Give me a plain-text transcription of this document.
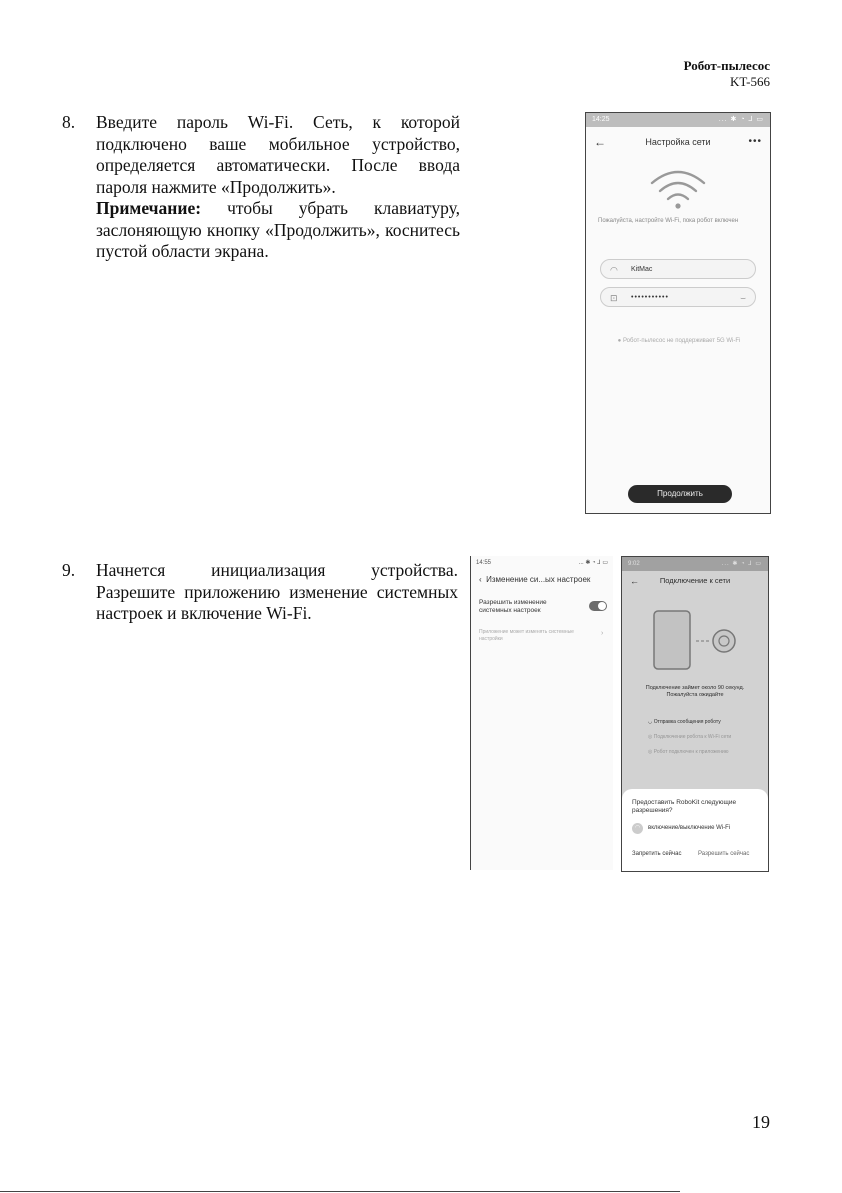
Робот-пылесос
KT-566
8. Введите пароль Wi-Fi. Сеть, к которой подключено ваше мобильное устройство, определяется автоматически. После ввода пароля нажмите «Продолжить».

Примечание: чтобы убрать клавиатуру, заслоняющую кнопку «Продолжить», коснитесь пустой области экрана.

14:25	... ✱ ◔ ⅃ ▭
←	Настройка сети	•••
Пожалуйста, настройте Wi-Fi, пока робот включен
◠ KitMac
⊡ •••••••••••	⌣
● Робот-пылесос не поддерживает 5G Wi-Fi
Продолжить
9. Начнется инициализация устройства. Разрешите приложению изменение системных настроек и включение Wi-Fi.

14:55	... ✱ ◔ ⅃ ▭
‹ Изменение си...ых настроек
Разрешить изменение системных настроек
Приложение может изменять системные настройки
›
9:02	... ✱ ◔ ⅃ ▭
←	Подключение к сети
Подключение займет около 90 секунд. Пожалуйста ожидайте
◡ Отправка сообщения роботу
◎ Подключение робота к Wi-Fi сети
◎ Робот подключен к приложению
Предоставить RoboKit следующие разрешения?
◠	включение/выключение Wi-Fi
Запретить сейчас	Разрешить сейчас
19
